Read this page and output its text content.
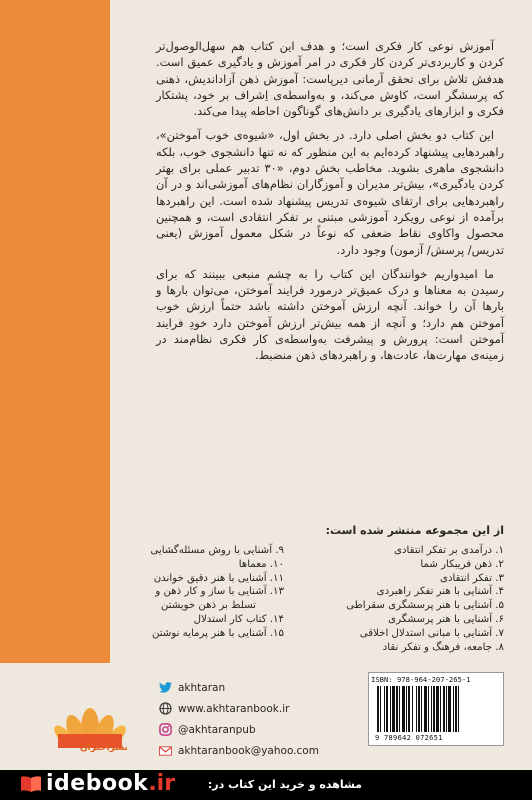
آموزش نوعی کار فکری است؛ و هدف این کتاب هم سهل‌الوصول‌تر کردن و کاربردی‌تر کردن کار فکری در امر آموزش و یادگیری عمیق است. هدفش تلاش برای تحقق آرمانی دیرپاست: آموزش ذهن آزاداندیش، ذهنی که پرسشگر است، کاوش می‌کند، و به‌واسطه‌ی اِشراف بر خود، پشتکار فکری و ابزارهای یادگیری بر دانش‌های گوناگون احاطه پیدا می‌کند.

این کتاب دو بخش اصلی دارد. در بخش اول، «شیوه‌ی خوب آموختن»، راهبردهایی پیشنهاد کرده‌ایم به این منظور که نه تنها دانشجوی خوب، بلکه دانشجوی ماهری بشوید. مخاطب بخش دوم، «۳۰ تدبیر عملی برای بهتر کردن یادگیری»، بیش‌تر مدیران و آموزگاران نظام‌های آموزشی‌اند و در آن راهبردهایی برای ارتقای شیوه‌ی تدریس پیشنهاد شده است. این راهبردها برآمده از نوعی رویکرد آموزشی مبتنی بر تفکر انتقادی است، و همچنین محصول واکاوی نقاط ضعفی که نوعاً در شکل معمول آموزش (یعنی تدریس/ پرسش/ آزمون) وجود دارد.

ما امیدواریم خوانندگان این کتاب را به چشم منبعی ببینند که برای رسیدن به معناها و درک عمیق‌تر درمورد فرایند آموختن، می‌توان بارها و بارها آن را خواند. آنچه ارزش آموختن داشته باشد حتماً ارزش خوب آموختن هم دارد؛ و آنچه از همه بیش‌تر ارزش آموختن دارد خودِ فرایند آموختن است: پرورش و پیشرفت به‌واسطه‌ی کار فکری نظام‌مند در زمینه‌ی مهارت‌ها، عادت‌ها، و راهبردهای ذهن منضبط.

از این مجموعه منتشر شده است:
۱. درآمدی بر تفکر انتقادی
۲. ذهن فریبکار شما
۳. تفکر انتقادی
۴. آشنایی با هنر تفکر راهبردی
۵. آشنایی با هنر پرسشگری سقراطی
۶. آشنایی با هنر پرسشگری
۷. آشنایی با مبانی استدلال اخلاقی
۸. جامعه، فرهنگ و تفکر نقاد
۹. آشنایی با روش مسئله‌گشایی
۱۰. معماها
۱۱. آشنایی با هنر دقیق خواندن
۱۳. آشنایی با ساز و کار ذهن و
تسلط بر ذهن خویشتن
۱۴. کتاب کار استدلال
۱۵. آشنایی با هنر پرمایه نوشتن
akhtaran
www.akhtaranbook.ir
@akhtaranpub
akhtaranbook@yahoo.com
ISBN: 978-964-207-265-1
9 789642 072651
نشراختران
idebook .ir	مشاهده و خرید این کتاب در:
